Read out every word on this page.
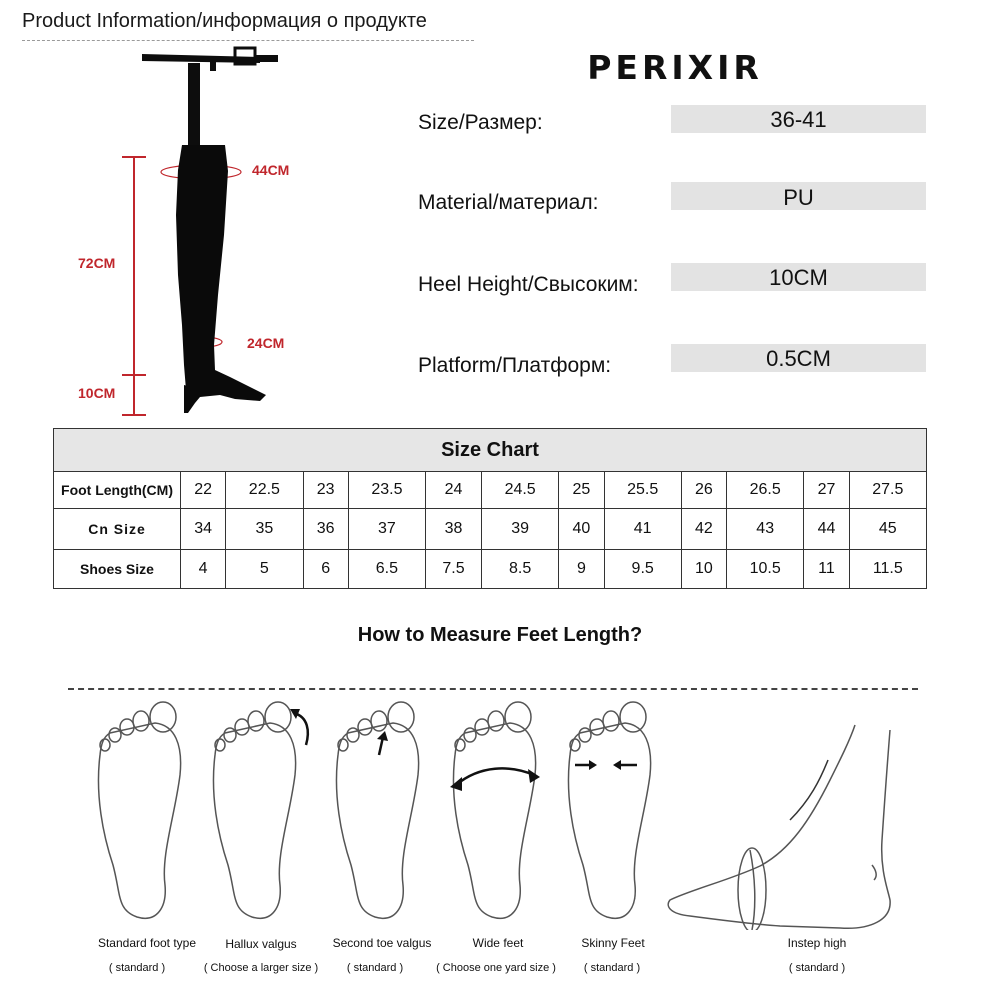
Product Information/информация о продукте
PERIXIR
44CM
72CM
24CM
10CM
Size/Размер:	36-41
Material/материал:	PU
Heel Height/Свысоким:	10CM
Platform/Платформ:	0.5CM
Size Chart												
Foot Length(CM)	22	22.5	23	23.5	24	24.5	25	25.5	26	26.5	27	27.5
Cn Size	34	35	36	37	38	39	40	41	42	43	44	45
Shoes Size	4	5	6	6.5	7.5	8.5	9	9.5	10	10.5	11	11.5
How to Measure Feet Length?
Standard foot type
( standard )
Hallux valgus
( Choose a larger size )
Second toe valgus
( standard )
Wide feet
( Choose one yard size )
Skinny Feet
( standard )
Instep high
( standard )
